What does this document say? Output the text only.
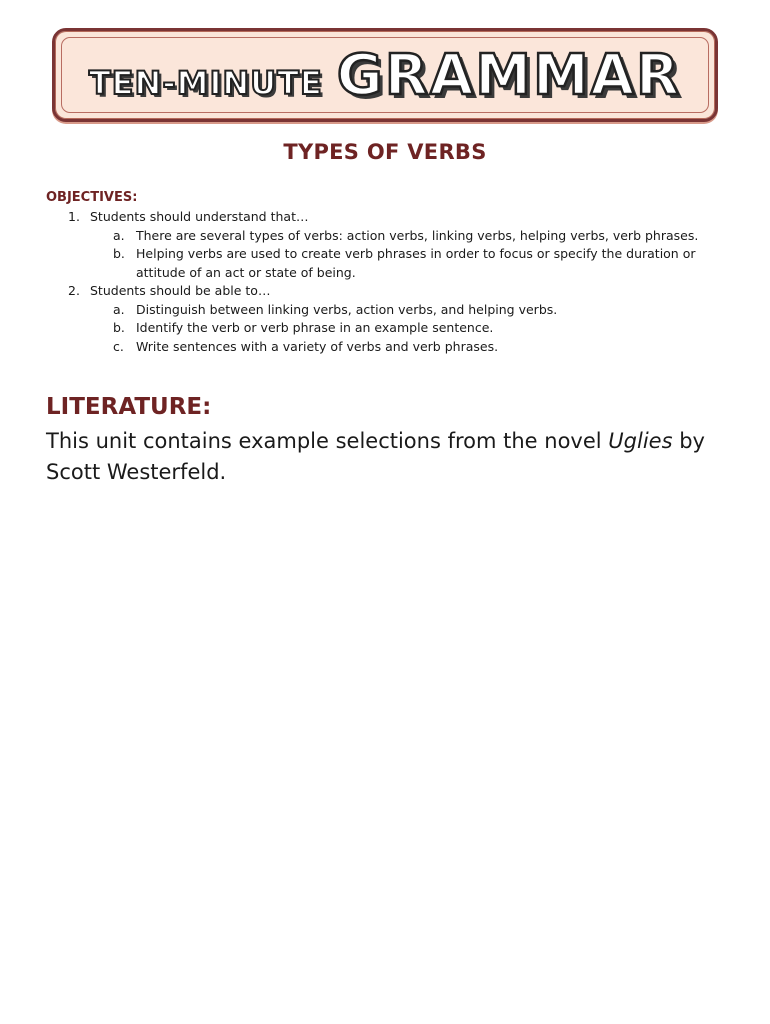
TEN-MINUTE GRAMMAR
TYPES OF VERBS
OBJECTIVES:
1. Students should understand that…
a. There are several types of verbs: action verbs, linking verbs, helping verbs, verb phrases.
b. Helping verbs are used to create verb phrases in order to focus or specify the duration or attitude of an act or state of being.
2. Students should be able to…
a. Distinguish between linking verbs, action verbs, and helping verbs.
b. Identify the verb or verb phrase in an example sentence.
c. Write sentences with a variety of verbs and verb phrases.
LITERATURE:
This unit contains example selections from the novel Uglies by Scott Westerfeld.
